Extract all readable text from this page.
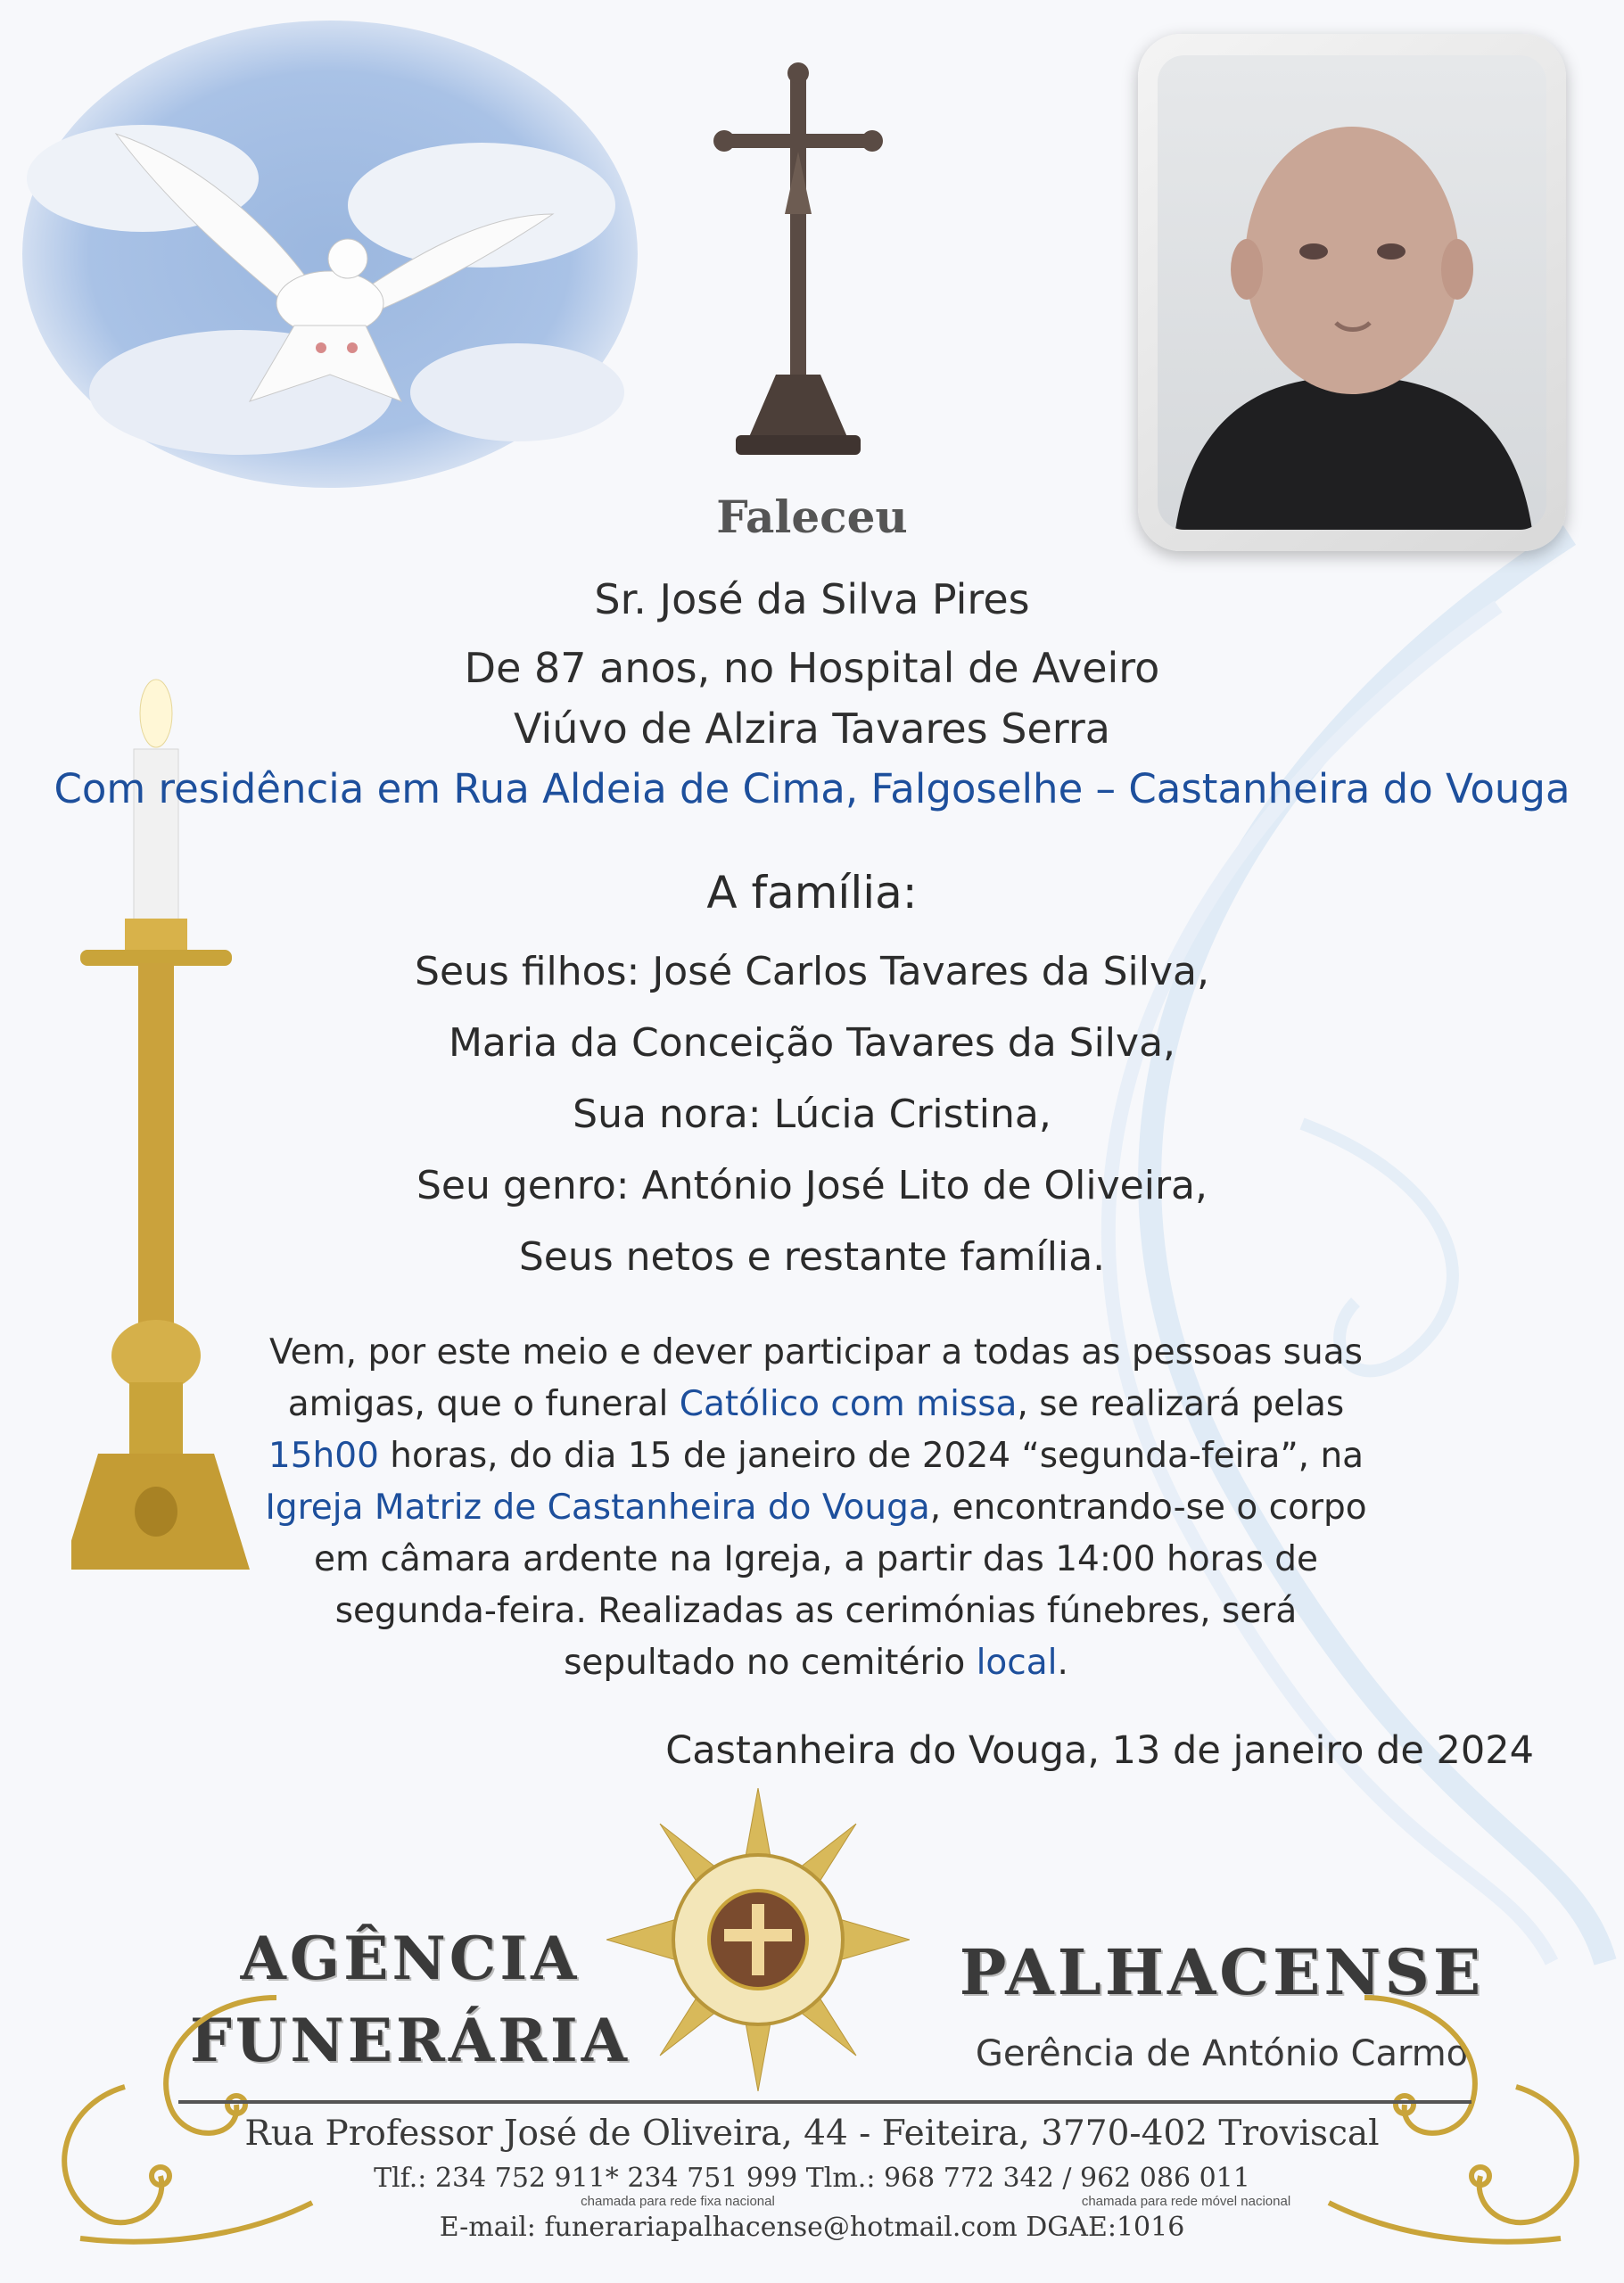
Faleceu
Sr. José da Silva Pires
De 87 anos, no Hospital de Aveiro
Viúvo de Alzira Tavares Serra
Com residência em Rua Aldeia de Cima, Falgoselhe – Castanheira do Vouga
A família:
Seus filhos: José Carlos Tavares da Silva,
Maria da Conceição Tavares da Silva,
Sua nora: Lúcia Cristina,
Seu genro: António José Lito de Oliveira,
Seus netos e restante família.
Vem, por este meio e dever participar a todas as pessoas suas amigas, que o funeral Católico com missa, se realizará pelas 15h00 horas, do dia 15 de janeiro de 2024 “segunda-feira”, na Igreja Matriz de Castanheira do Vouga, encontrando-se o corpo em câmara ardente na Igreja, a partir das 14:00 horas de segunda-feira. Realizadas as cerimónias fúnebres, será sepultado no cemitério local.
Castanheira do Vouga, 13 de janeiro de 2024
AGÊNCIA
FUNERÁRIA
PALHACENSE
Gerência de António Carmo
Rua Professor José de Oliveira, 44 - Feiteira, 3770-402 Troviscal
Tlf.: 234 752 911* 234 751 999 Tlm.: 968 772 342 / 962 086 011
chamada para rede fixa nacional	chamada para rede móvel nacional
E-mail: funerariapalhacense@hotmail.com DGAE:1016
